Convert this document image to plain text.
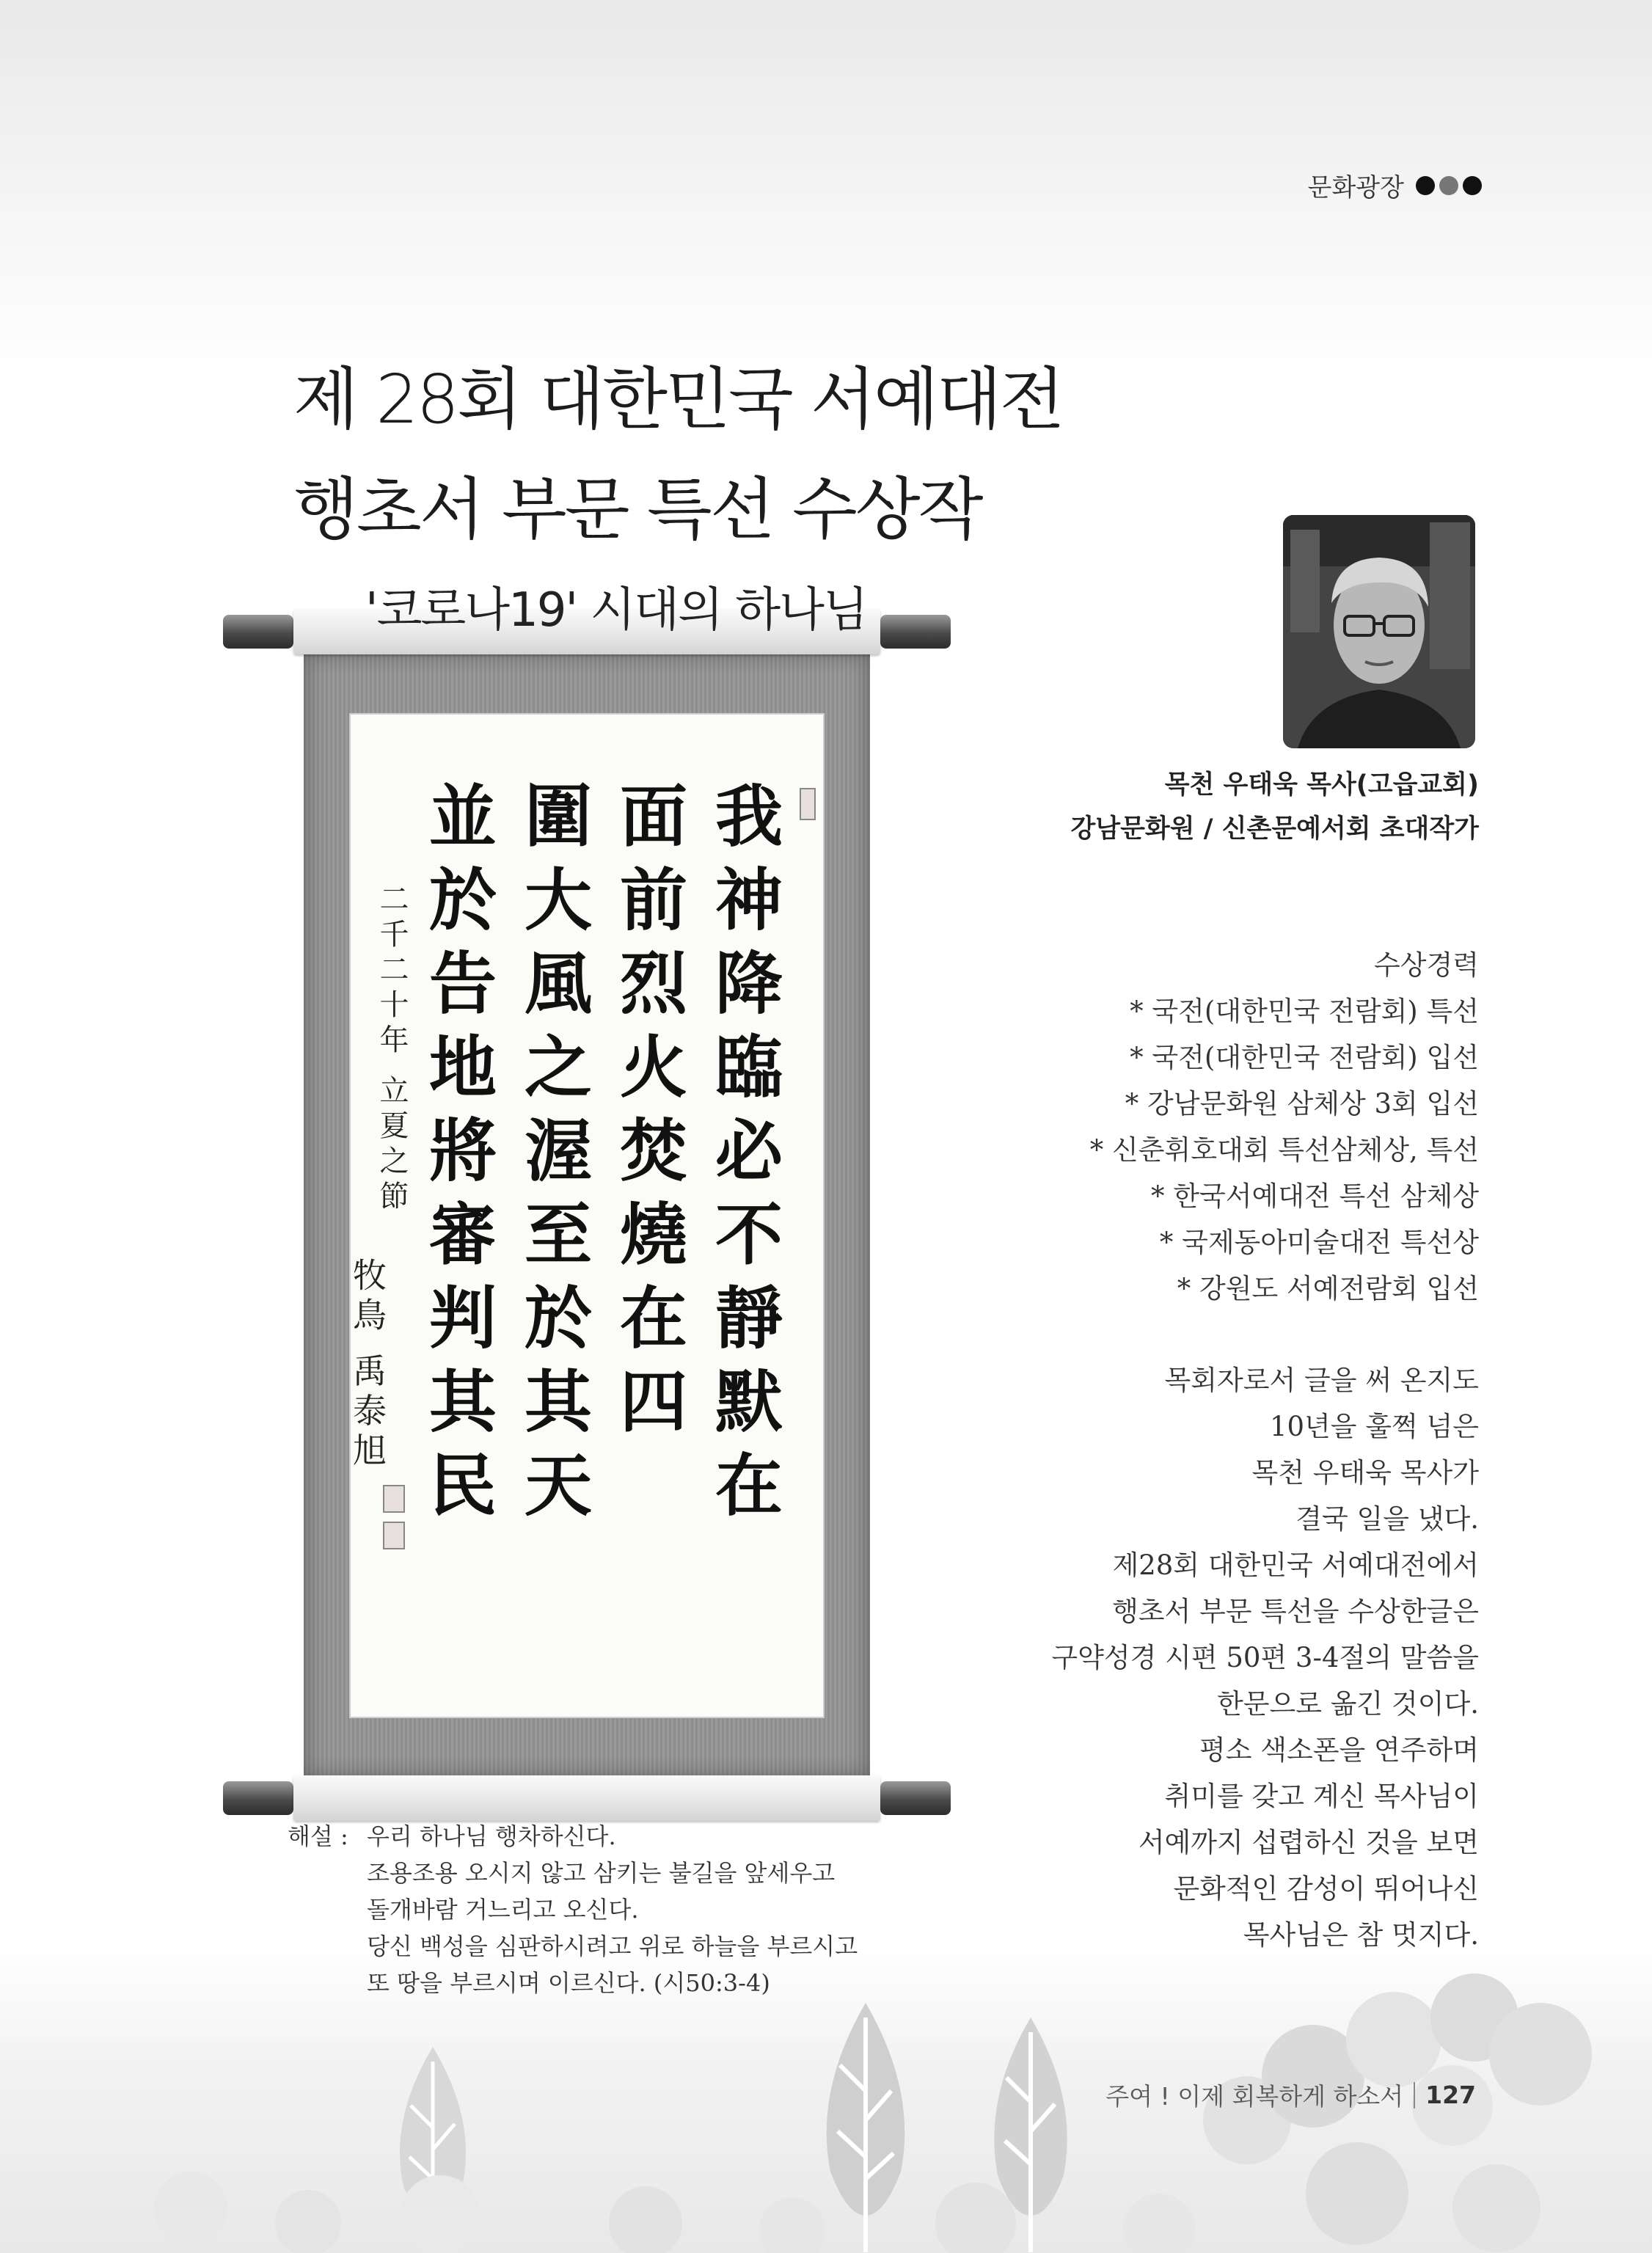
문화광장
제 28회 대한민국 서예대전
행초서 부문 특선 수상작
我神降臨必不靜默在
面前烈火焚燒在四
圍大風之渥至於其天
並於告地將審判其民
二千二十年 立夏之節
牧鳥 禹泰旭
'코로나19' 시대의 하나님
해설 : 우리 하나님 행차하신다.
조용조용 오시지 않고 삼키는 불길을 앞세우고
돌개바람 거느리고 오신다.
당신 백성을 심판하시려고 위로 하늘을 부르시고
또 땅을 부르시며 이르신다. (시50:3-4)
목천 우태욱 목사(고읍교회)
강남문화원 / 신촌문예서회 초대작가
수상경력
* 국전(대한민국 전람회) 특선
* 국전(대한민국 전람회) 입선
* 강남문화원 삼체상 3회 입선
* 신춘휘호대회 특선삼체상, 특선
* 한국서예대전 특선 삼체상
* 국제동아미술대전 특선상
* 강원도 서예전람회 입선
목회자로서 글을 써 온지도
10년을 훌쩍 넘은
목천 우태욱 목사가
결국 일을 냈다.
제28회 대한민국 서예대전에서
행초서 부문 특선을 수상한글은
구약성경 시편 50편 3-4절의 말씀을
한문으로 옮긴 것이다.
평소 색소폰을 연주하며
취미를 갖고 계신 목사님이
서예까지 섭렵하신 것을 보면
문화적인 감성이 뛰어나신
목사님은 참 멋지다.
주여 ! 이제 회복하게 하소서 127
